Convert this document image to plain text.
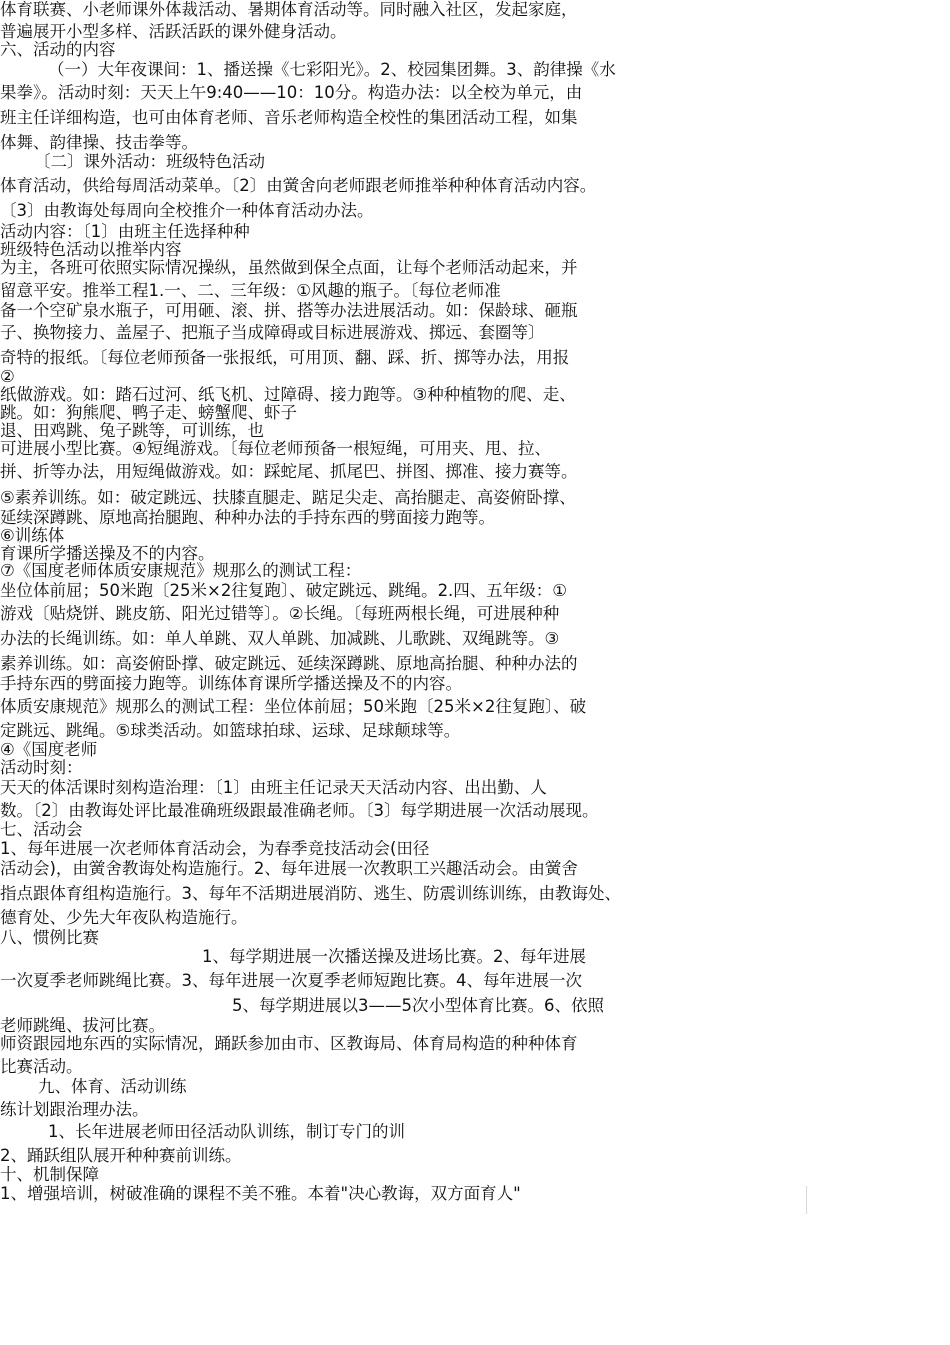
体育联赛、小老师课外体裁活动、暑期体育活动等。同时融入社区，发起家庭，
普遍展开小型多样、活跃活跃的课外健身活动。
六、活动的内容
（一）大年夜课间：1、播送操《七彩阳光》。2、校园集团舞。3、韵律操《水
果拳》。活动时刻：天天上午9:40——10：10分。构造办法：以全校为单元，由
班主任详细构造，也可由体育老师、音乐老师构造全校性的集团活动工程，如集
体舞、韵律操、技击拳等。
〔二〕课外活动：班级特色活动
体育活动，供给每周活动菜单。〔2〕由黉舍向老师跟老师推举种种体育活动内容。
〔3〕由教诲处每周向全校推介一种体育活动办法。
活动内容：〔1〕由班主任选择种种
班级特色活动以推举内容
为主，各班可依照实际情况操纵，虽然做到保全点面，让每个老师活动起来，并
留意平安。推举工程1.一、二、三年级：①风趣的瓶子。〔每位老师准
备一个空矿泉水瓶子，可用砸、滚、拼、搭等办法进展活动。如：保龄球、砸瓶
子、换物接力、盖屋子、把瓶子当成障碍或目标进展游戏、掷远、套圈等〕
奇特的报纸。〔每位老师预备一张报纸，可用顶、翻、踩、折、掷等办法，用报
②
纸做游戏。如：踏石过河、纸飞机、过障碍、接力跑等。③种种植物的爬、走、
跳。如：狗熊爬、鸭子走、螃蟹爬、虾子
退、田鸡跳、兔子跳等，可训练，也
可进展小型比赛。④短绳游戏。〔每位老师预备一根短绳，可用夹、甩、拉、
拼、折等办法，用短绳做游戏。如：踩蛇尾、抓尾巴、拼图、掷准、接力赛等。
⑤素养训练。如：破定跳远、扶膝直腿走、踮足尖走、高抬腿走、高姿俯卧撑、
延续深蹲跳、原地高抬腿跑、种种办法的手持东西的劈面接力跑等。
⑥训练体
育课所学播送操及不的内容。
⑦《国度老师体质安康规范》规那么的测试工程：
坐位体前屈；50米跑〔25米×2往复跑〕、破定跳远、跳绳。2.四、五年级：①
游戏〔贴烧饼、跳皮筋、阳光过错等〕。②长绳。〔每班两根长绳，可进展种种
办法的长绳训练。如：单人单跳、双人单跳、加减跳、儿歌跳、双绳跳等。③
素养训练。如：高姿俯卧撑、破定跳远、延续深蹲跳、原地高抬腿、种种办法的
手持东西的劈面接力跑等。训练体育课所学播送操及不的内容。
体质安康规范》规那么的测试工程：坐位体前屈；50米跑〔25米×2往复跑〕、破
定跳远、跳绳。⑤球类活动。如篮球拍球、运球、足球颠球等。
④《国度老师
活动时刻：
天天的体活课时刻构造治理：〔1〕由班主任记录天天活动内容、出出勤、人
数。〔2〕由教诲处评比最准确班级跟最准确老师。〔3〕每学期进展一次活动展现。
七、活动会
1、每年进展一次老师体育活动会，为春季竞技活动会(田径
活动会)，由黉舍教诲处构造施行。2、每年进展一次教职工兴趣活动会。由黉舍
指点跟体育组构造施行。3、每年不活期进展消防、逃生、防震训练训练，由教诲处、
德育处、少先大年夜队构造施行。
八、惯例比赛
1、每学期进展一次播送操及进场比赛。2、每年进展
一次夏季老师跳绳比赛。3、每年进展一次夏季老师短跑比赛。4、每年进展一次
5、每学期进展以3——5次小型体育比赛。6、依照
老师跳绳、拔河比赛。
师资跟园地东西的实际情况，踊跃参加由市、区教诲局、体育局构造的种种体育
比赛活动。
九、体育、活动训练
练计划跟治理办法。
1、长年进展老师田径活动队训练，制订专门的训
2、踊跃组队展开种种赛前训练。
十、机制保障
1、增强培训，树破准确的课程不美不雅。本着"决心教诲，双方面育人"
